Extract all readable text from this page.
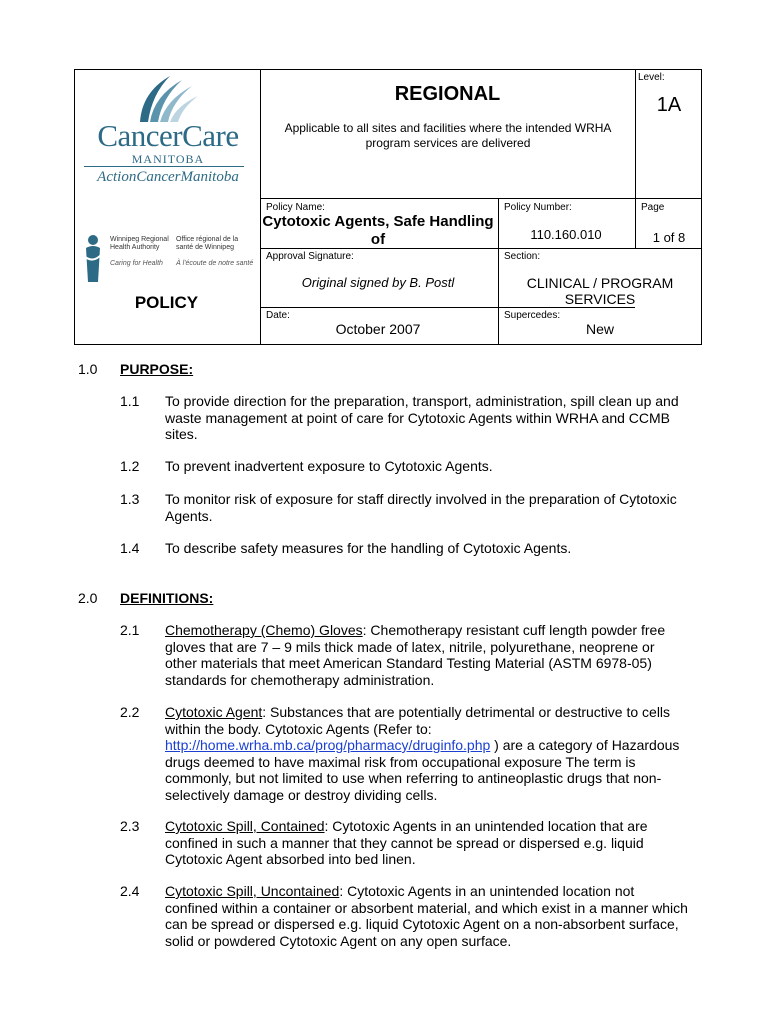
CancerCare
MANITOBA
ActionCancerManitoba
Winnipeg Regional Health Authority
Office régional de la santé de Winnipeg
Caring for Health	À l'écoute de notre santé
POLICY
REGIONAL
Applicable to all sites and facilities where the intended WRHA program services are delivered
Level:
1A
Policy Name:
Cytotoxic Agents, Safe Handling of
Policy Number:
110.160.010
Page
1 of 8
Approval Signature:
Original signed by B. Postl
Section:
CLINICAL / PROGRAM SERVICES
Date:
October 2007
Supercedes:
New
1.0 PURPOSE:
1.1 To provide direction for the preparation, transport, administration, spill clean up and waste management at point of care for Cytotoxic Agents within WRHA and CCMB sites.
1.2 To prevent inadvertent exposure to Cytotoxic Agents.
1.3 To monitor risk of exposure for staff directly involved in the preparation of Cytotoxic Agents.
1.4 To describe safety measures for the handling of Cytotoxic Agents.
2.0 DEFINITIONS:
2.1 Chemotherapy (Chemo) Gloves: Chemotherapy resistant cuff length powder free gloves that are 7 – 9 mils thick made of latex, nitrile, polyurethane, neoprene or other materials that meet American Standard Testing Material (ASTM 6978-05) standards for chemotherapy administration.
2.2 Cytotoxic Agent: Substances that are potentially detrimental or destructive to cells within the body. Cytotoxic Agents (Refer to:
http://home.wrha.mb.ca/prog/pharmacy/druginfo.php ) are a category of Hazardous drugs deemed to have maximal risk from occupational exposure The term is commonly, but not limited to use when referring to antineoplastic drugs that non-selectively damage or destroy dividing cells.
2.3 Cytotoxic Spill, Contained: Cytotoxic Agents in an unintended location that are confined in such a manner that they cannot be spread or dispersed e.g. liquid Cytotoxic Agent absorbed into bed linen.
2.4 Cytotoxic Spill, Uncontained: Cytotoxic Agents in an unintended location not confined within a container or absorbent material, and which exist in a manner which can be spread or dispersed e.g. liquid Cytotoxic Agent on a non-absorbent surface, solid or powdered Cytotoxic Agent on any open surface.
